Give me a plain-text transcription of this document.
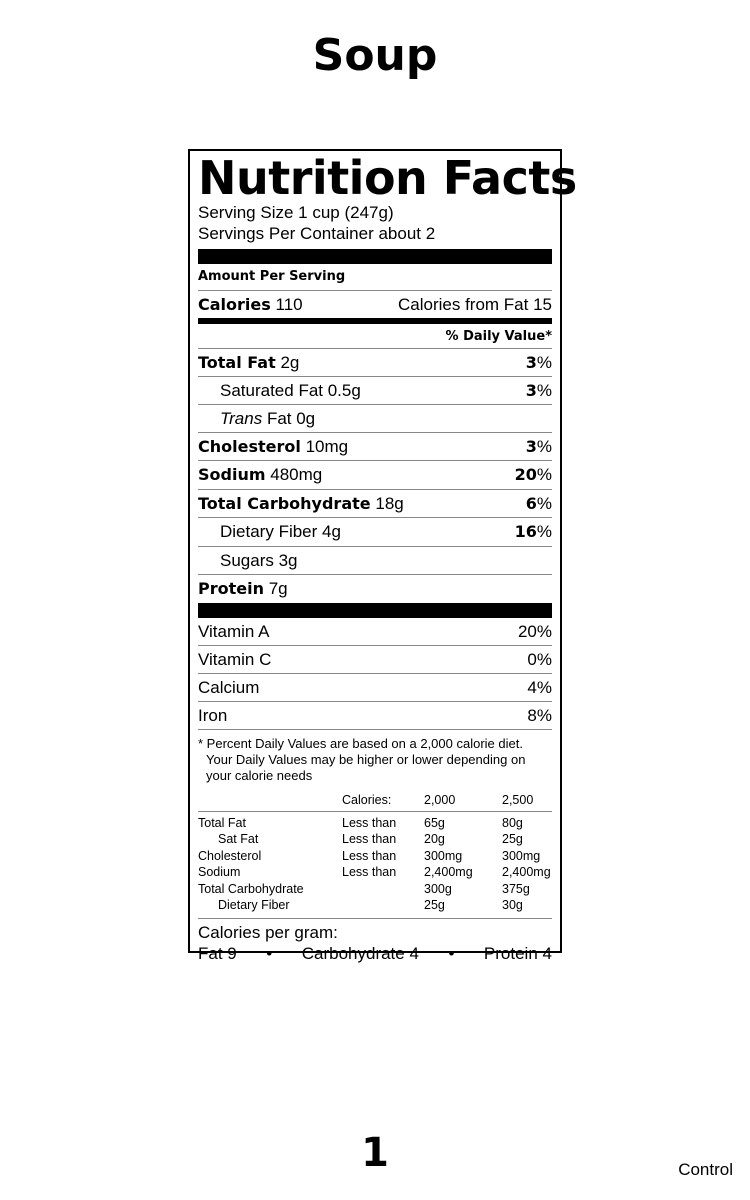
Soup
Nutrition Facts
Serving Size 1 cup (247g)
Servings Per Container about 2
Amount Per Serving
Calories 110	Calories from Fat 15
% Daily Value*
Total Fat 2g	3%
Saturated Fat 0.5g	3%
Trans Fat 0g
Cholesterol 10mg	3%
Sodium 480mg	20%
Total Carbohydrate 18g	6%
Dietary Fiber 4g	16%
Sugars 3g
Protein 7g
Vitamin A	20%
Vitamin C	0%
Calcium	4%
Iron	8%
* Percent Daily Values are based on a 2,000 calorie diet.
Your Daily Values may be higher or lower depending on
your calorie needs
	Calories:	2,000	2,500
Total Fat	Less than	65g	80g
Sat Fat	Less than	20g	25g
Cholesterol	Less than	300mg	300mg
Sodium	Less than	2,400mg	2,400mg
Total Carbohydrate		300g	375g
Dietary Fiber		25g	30g
Calories per gram:
Fat 9 • Carbohydrate 4 • Protein 4
1	Control
